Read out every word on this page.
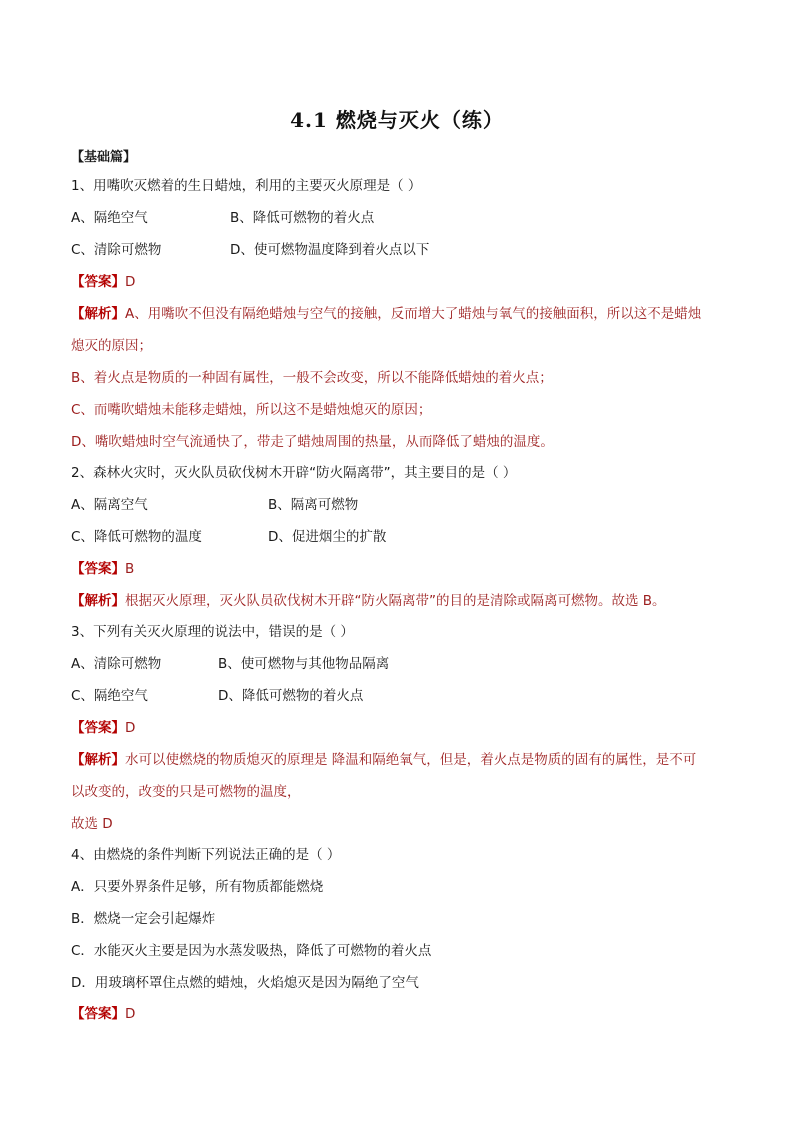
4.1 燃烧与灭火（练）
【基础篇】
1、用嘴吹灭燃着的生日蜡烛，利用的主要灭火原理是（ ）
A、隔绝空气	B、降低可燃物的着火点
C、清除可燃物	D、使可燃物温度降到着火点以下
【答案】D
【解析】A、用嘴吹不但没有隔绝蜡烛与空气的接触，反而增大了蜡烛与氧气的接触面积，所以这不是蜡烛
熄灭的原因；
B、着火点是物质的一种固有属性，一般不会改变，所以不能降低蜡烛的着火点；
C、而嘴吹蜡烛未能移走蜡烛，所以这不是蜡烛熄灭的原因；
D、嘴吹蜡烛时空气流通快了，带走了蜡烛周围的热量，从而降低了蜡烛的温度。
2、森林火灾时，灭火队员砍伐树木开辟“防火隔离带”，其主要目的是（ ）
A、隔离空气	B、隔离可燃物
C、降低可燃物的温度	D、促进烟尘的扩散
【答案】B
【解析】根据灭火原理，灭火队员砍伐树木开辟“防火隔离带”的目的是清除或隔离可燃物。故选 B。
3、下列有关灭火原理的说法中，错误的是（ ）
A、清除可燃物	B、使可燃物与其他物品隔离
C、隔绝空气	D、降低可燃物的着火点
【答案】D
【解析】水可以使燃烧的物质熄灭的原理是 降温和隔绝氧气，但是，着火点是物质的固有的属性，是不可
以改变的，改变的只是可燃物的温度，
故选 D
4、由燃烧的条件判断下列说法正确的是（ ）
A．只要外界条件足够，所有物质都能燃烧
B．燃烧一定会引起爆炸
C．水能灭火主要是因为水蒸发吸热，降低了可燃物的着火点
D．用玻璃杯罩住点燃的蜡烛，火焰熄灭是因为隔绝了空气
【答案】D
